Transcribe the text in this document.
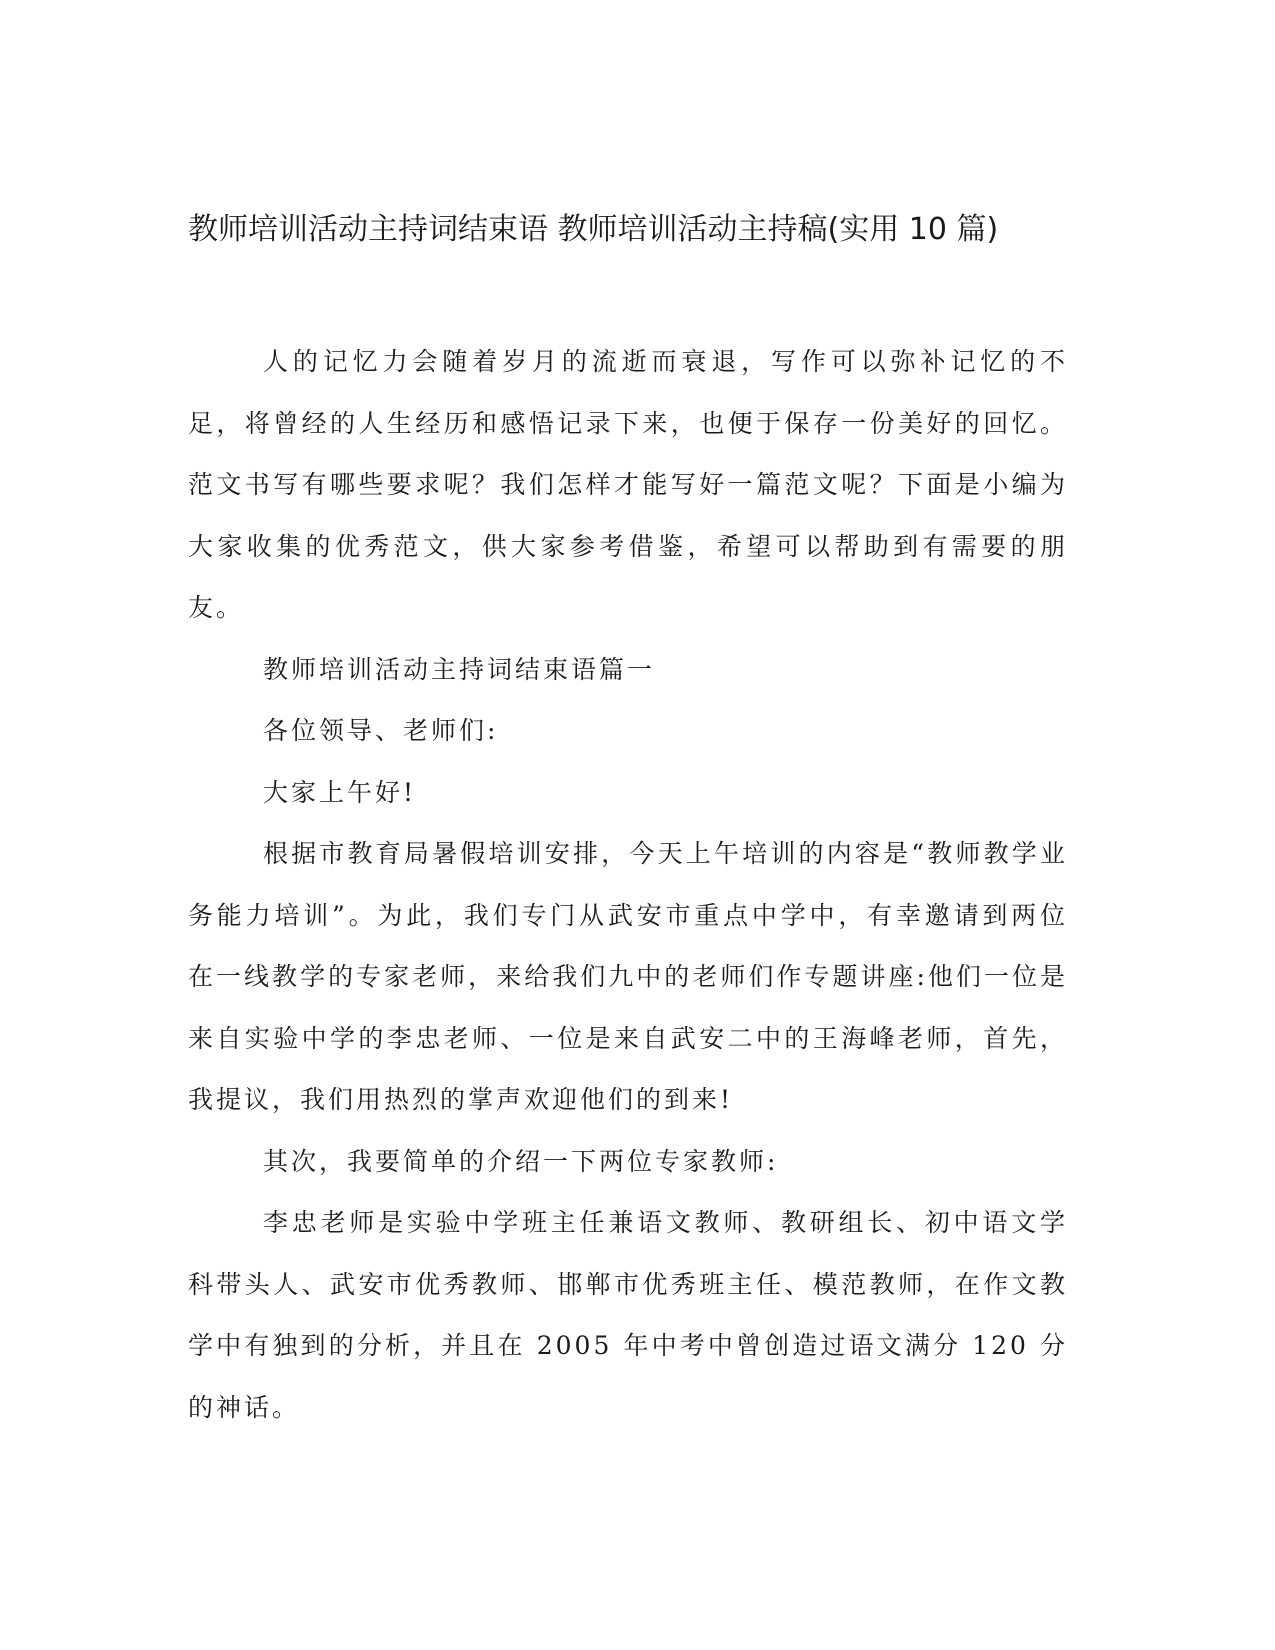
教师培训活动主持词结束语 教师培训活动主持稿(实用 10 篇)

人的记忆力会随着岁月的流逝而衰退，写作可以弥补记忆的不足，将曾经的人生经历和感悟记录下来，也便于保存一份美好的回忆。范文书写有哪些要求呢？我们怎样才能写好一篇范文呢？下面是小编为大家收集的优秀范文，供大家参考借鉴，希望可以帮助到有需要的朋友。

教师培训活动主持词结束语篇一

各位领导、老师们:

大家上午好!

根据市教育局暑假培训安排，今天上午培训的内容是“教师教学业务能力培训”。为此，我们专门从武安市重点中学中，有幸邀请到两位在一线教学的专家老师，来给我们九中的老师们作专题讲座:他们一位是来自实验中学的李忠老师、一位是来自武安二中的王海峰老师，首先，我提议，我们用热烈的掌声欢迎他们的到来!

其次，我要简单的介绍一下两位专家教师:

李忠老师是实验中学班主任兼语文教师、教研组长、初中语文学科带头人、武安市优秀教师、邯郸市优秀班主任、模范教师，在作文教学中有独到的分析，并且在 2005 年中考中曾创造过语文满分 120 分的神话。
